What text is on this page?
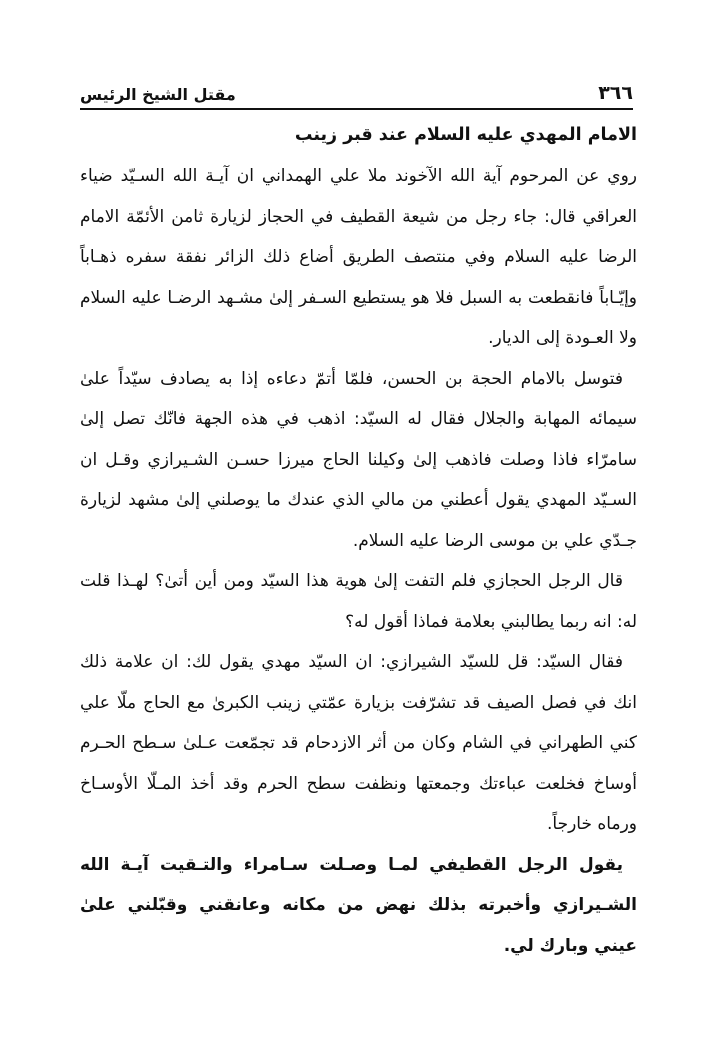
٣٦٦
مقتل الشيخ الرئيس
الامام المهدي عليه السلام عند قبر زينب

روي عن المرحوم آية الله الآخوند ملا علي الهمداني ان آيـة الله السـيّد ضياء العراقي قال: جاء رجل من شيعة القطيف في الحجاز لزيارة ثامن الأئمّة الامام الرضا عليه السلام وفي منتصف الطريق أضاع ذلك الزائر نفقة سفره ذهـاباً وإيّـاباً فانقطعت به السبل فلا هو يستطيع السـفر إلىٰ مشـهد الرضـا عليه السلام ولا العـودة إلى الديار.

فتوسل بالامام الحجة بن الحسن، فلمّا أتمّ دعاءه إذا به يصادف سيّداً علىٰ سيمائه المهابة والجلال فقال له السيّد: اذهب في هذه الجهة فانّك تصل إلىٰ سامرّاء فاذا وصلت فاذهب إلىٰ وكيلنا الحاج ميرزا حسـن الشـيرازي وقـل ان السـيّد المهدي يقول أعطني من مالي الذي عندك ما يوصلني إلىٰ مشهد لزيارة جـدّي علي بن موسى الرضا عليه السلام.

قال الرجل الحجازي فلم التفت إلىٰ هوية هذا السيّد ومن أين أتىٰ؟ لهـذا قلت له: انه ربما يطالبني بعلامة فماذا أقول له؟

فقال السيّد: قل للسيّد الشيرازي: ان السيّد مهدي يقول لك: ان علامة ذلك انك في فصل الصيف قد تشرّفت بزيارة عمّتي زينب الكبرىٰ مع الحاج ملّا علي كني الطهراني في الشام وكان من أثر الازدحام قد تجمّعت عـلىٰ سـطح الحـرم أوساخ فخلعت عباءتك وجمعتها ونظفت سطح الحرم وقد أخذ المـلّا الأوسـاخ ورماه خارجاً.

يقول الرجل القطيفي لمـا وصـلت سـامراء والتـقيت آيـة الله الشـيرازي وأخبرته بذلك نهض من مكانه وعانقني وقبّلني علىٰ عيني وبارك لي.
